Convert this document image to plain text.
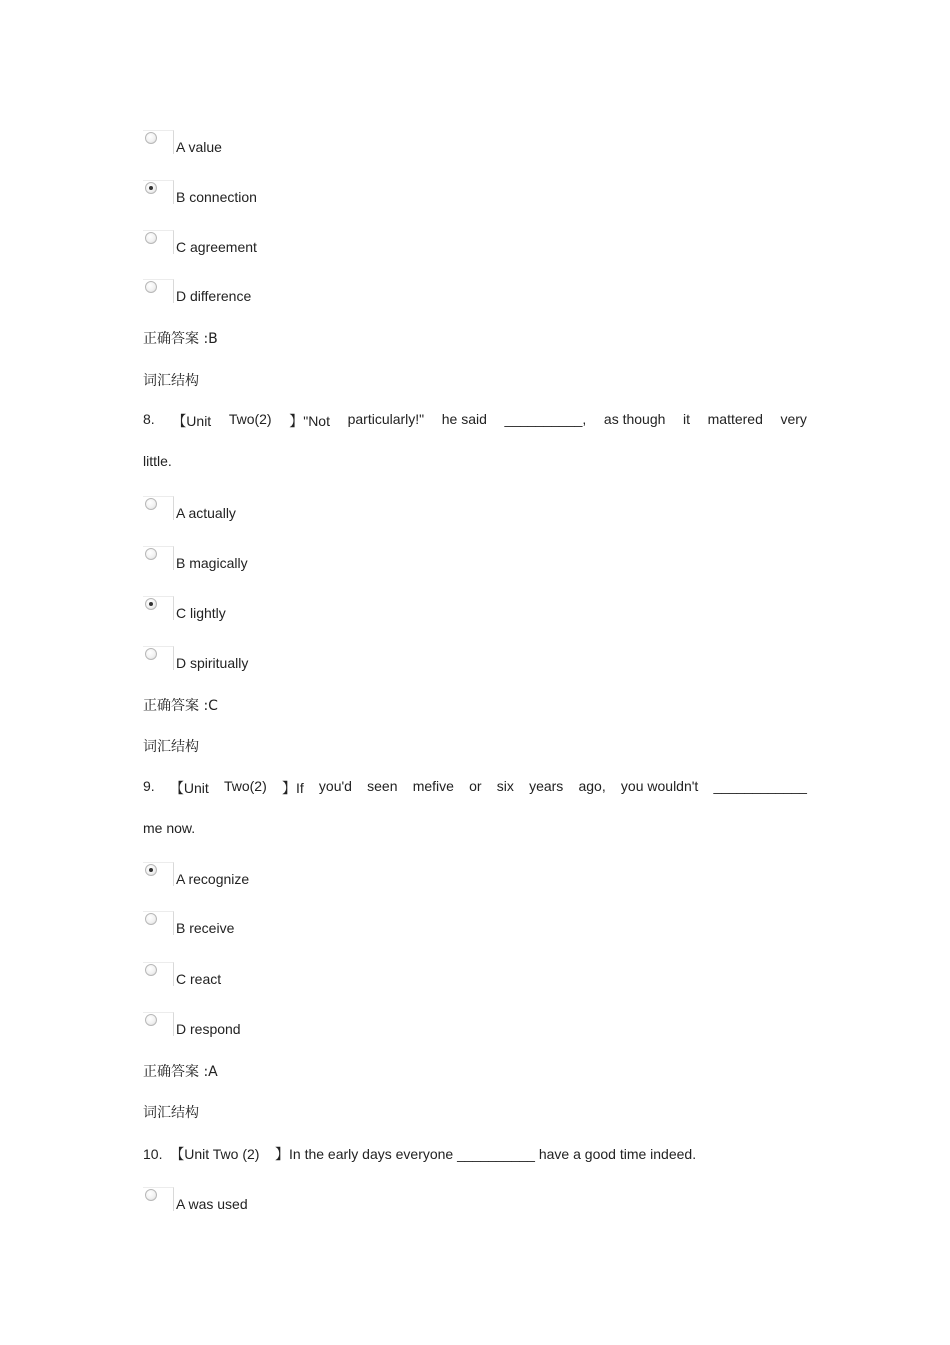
A value
B connection
C agreement
D difference
正确答案 :B
词汇结构
8. 【Unit Two(2) 】"Not particularly!" he said __________, as though it mattered very
little.
A actually
B magically
C lightly
D spiritually
正确答案 :C
词汇结构
9. 【Unit Two(2) 】If you'd seen mefive or six years ago, you wouldn't ____________
me now.
A recognize
B receive
C react
D respond
正确答案 :A
词汇结构
10.  【Unit Two (2)    】In the early days everyone __________ have a good time indeed.
A was used
